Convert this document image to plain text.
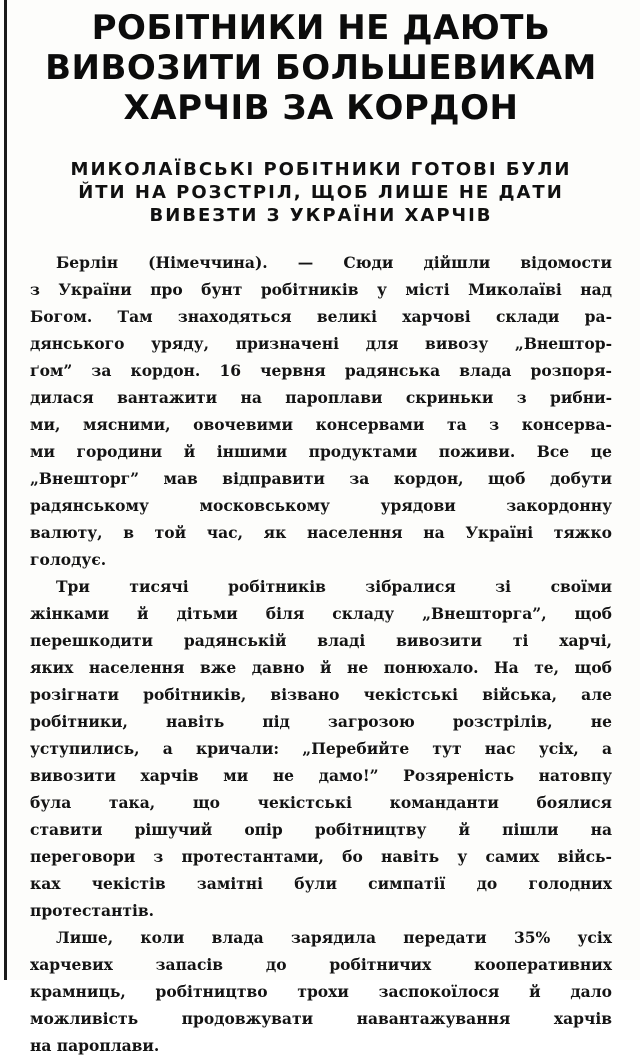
РОБІТНИКИ НЕ ДАЮТЬ
ВИВОЗИТИ БОЛЬШЕВИКАМ
ХАРЧІВ ЗА КОРДОН
МИКОЛАЇВСЬКІ РОБІТНИКИ ГОТОВІ БУЛИ
ЙТИ НА РОЗСТРІЛ, ЩОБ ЛИШЕ НЕ ДАТИ
ВИВЕЗТИ З УКРАЇНИ ХАРЧІВ

Берлін (Німеччина). — Сюди дійшли відомости
з України про бунт робітників у місті Миколаїві над
Богом. Там знаходяться великі харчові склади ра-
дянського уряду, призначені для вивозу „Внештор-
ґом” за кордон. 16 червня радянська влада розпоря-
дилася вантажити на пароплави скриньки з рибни-
ми, мясними, овочевими консервами та з консерва-
ми городини й іншими продуктами поживи. Все це
„Внешторг” мав відправити за кордон, щоб добути
радянському московському урядови закордонну
валюту, в той час, як населення на Україні тяжко
голодує.

Три тисячі робітників зібралися зі своїми
жінками й дітьми біля складу „Внешторга”, щоб
перешкодити радянській владі вивозити ті харчі,
яких населення вже давно й не понюхало. На те, щоб
розігнати робітників, візвано чекістські війська, але
робітники, навіть під загрозою розстрілів, не
уступились, а кричали: „Перебийте тут нас усіх, а
вивозити харчів ми не дамо!” Розяреність натовпу
була така, що чекістські команданти боялися
ставити рішучий опір робітництву й пішли на
переговори з протестантами, бо навіть у самих війсь-
ках чекістів замітні були симпатії до голодних
протестантів.

Лише, коли влада зарядила передати 35% усіх
харчевих запасів до робітничих кооперативних
крамниць, робітництво трохи заспокоїлося й дало
можливість продовжувати навантажування харчів
на пароплави.
